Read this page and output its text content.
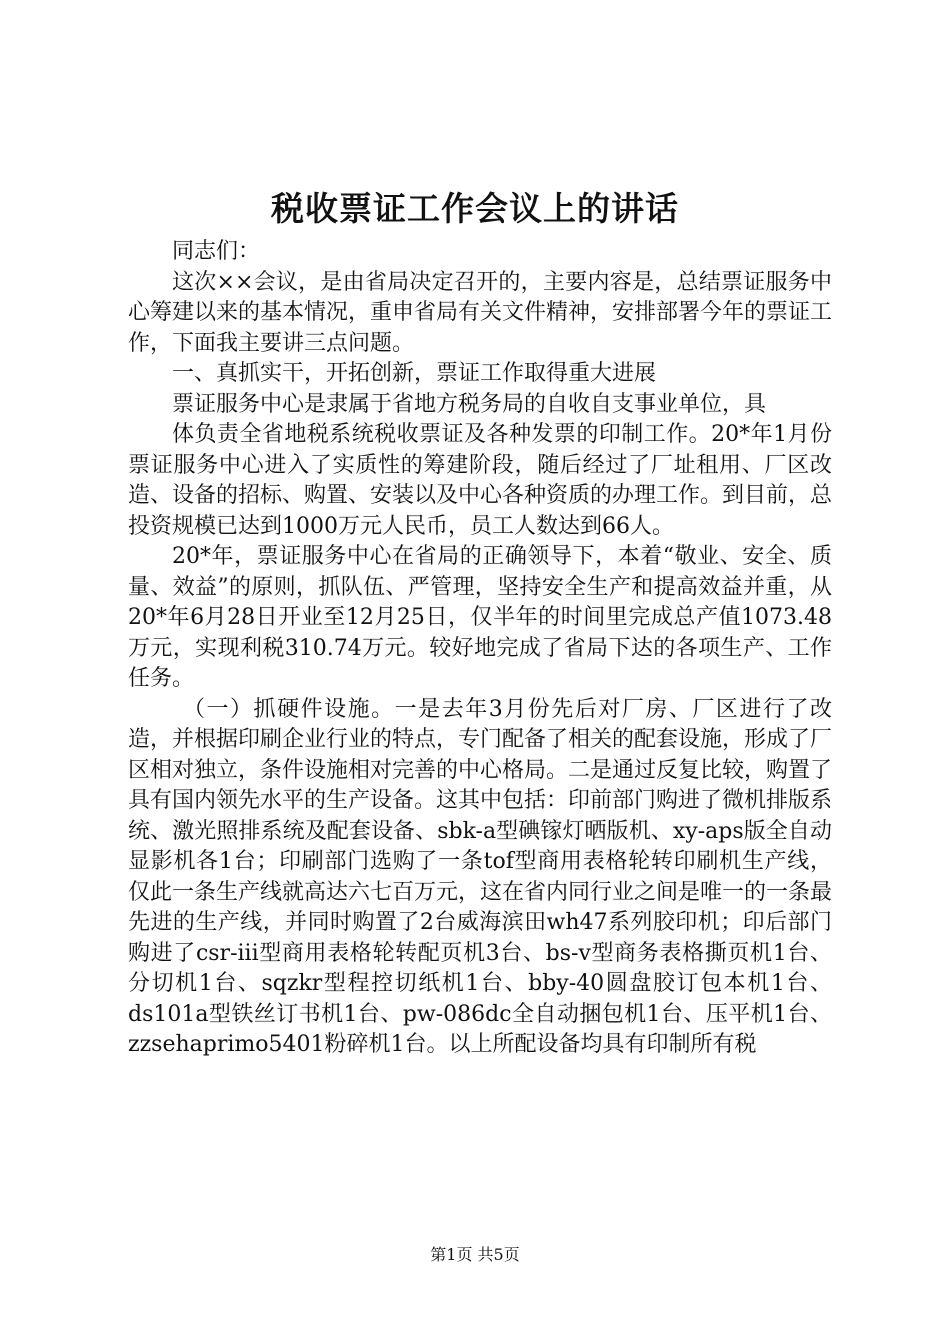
税收票证工作会议上的讲话

同志们：

这次××会议，是由省局决定召开的，主要内容是，总结票证服务中心筹建以来的基本情况，重申省局有关文件精神，安排部署今年的票证工作，下面我主要讲三点问题。

一、真抓实干，开拓创新，票证工作取得重大进展

票证服务中心是隶属于省地方税务局的自收自支事业单位，具

体负责全省地税系统税收票证及各种发票的印制工作。20*年1月份票证服务中心进入了实质性的筹建阶段，随后经过了厂址租用、厂区改造、设备的招标、购置、安装以及中心各种资质的办理工作。到目前，总投资规模已达到1000万元人民币，员工人数达到66人。

20*年，票证服务中心在省局的正确领导下，本着“敬业、安全、质量、效益”的原则，抓队伍、严管理，坚持安全生产和提高效益并重，从20*年6月28日开业至12月25日，仅半年的时间里完成总产值1073.48万元，实现利税310.74万元。较好地完成了省局下达的各项生产、工作任务。

（一）抓硬件设施。一是去年3月份先后对厂房、厂区进行了改造，并根据印刷企业行业的特点，专门配备了相关的配套设施，形成了厂区相对独立，条件设施相对完善的中心格局。二是通过反复比较，购置了具有国内领先水平的生产设备。这其中包括：印前部门购进了微机排版系统、激光照排系统及配套设备、sbk-a型碘镓灯晒版机、xy-aps版全自动显影机各1台；印刷部门选购了一条tof型商用表格轮转印刷机生产线，仅此一条生产线就高达六七百万元，这在省内同行业之间是唯一的一条最先进的生产线，并同时购置了2台威海滨田wh47系列胶印机；印后部门购进了csr-iii型商用表格轮转配页机3台、bs-v型商务表格撕页机1台、分切机1台、sqzkr型程控切纸机1台、bby-40圆盘胶订包本机1台、ds101a型铁丝订书机1台、pw-086dc全自动捆包机1台、压平机1台、zzsehaprimo5401粉碎机1台。以上所配设备均具有印制所有税

第1页 共5页
